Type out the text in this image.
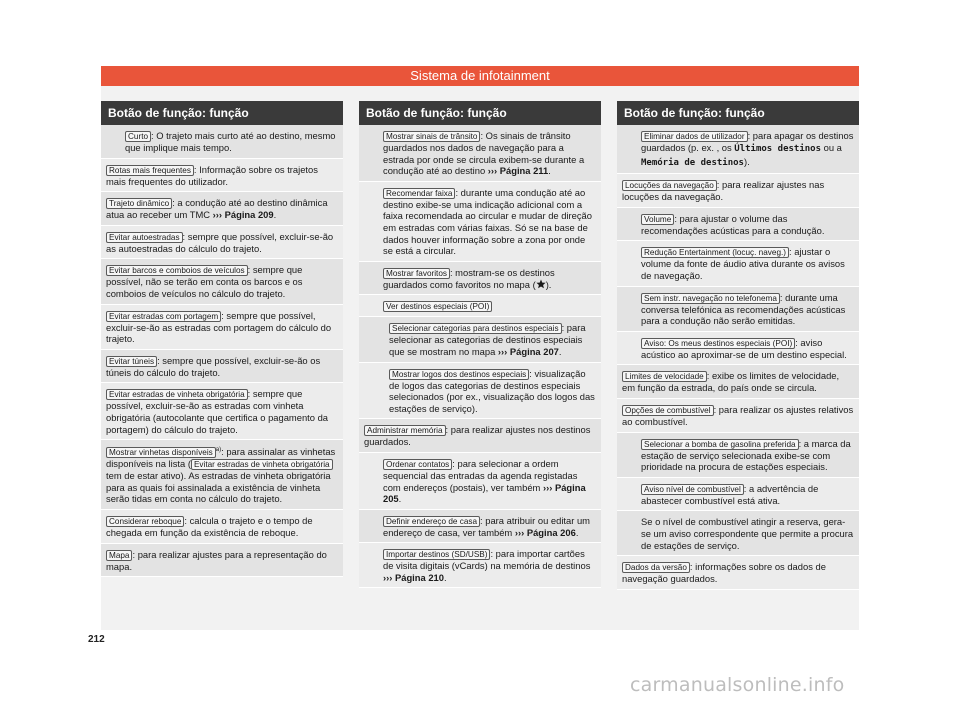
Sistema de infotainment
Botão de função: função
Curto : O trajeto mais curto até ao destino, mesmo que implique mais tempo.
Rotas mais frequentes : Informação sobre os trajetos mais frequentes do utilizador.
Trajeto dinâmico : a condução até ao destino dinâmica atua ao receber um TMC ››› Página 209.
Evitar autoestradas : sempre que possível, excluir-se-ão as autoestradas do cálculo do trajeto.
Evitar barcos e comboios de veículos : sempre que possível, não se terão em conta os barcos e os comboios de veículos no cálculo do trajeto.
Evitar estradas com portagem : sempre que possível, excluir-se-ão as estradas com portagem do cálculo do trajeto.
Evitar túneis : sempre que possível, excluir-se-ão os túneis do cálculo do trajeto.
Evitar estradas de vinheta obrigatória : sempre que possível, excluir-se-ão as estradas com vinheta obrigatória (autocolante que certifica o pagamento da portagem) do cálculo do trajeto.
Mostrar vinhetas disponíveis $^{a)}$: para assinalar as vinhetas disponíveis na lista ( Evitar estradas de vinheta obrigatória tem de estar ativo). As estradas de vinheta obrigatória para as quais foi assinalada a existência de vinheta serão tidas em conta no cálculo do trajeto.
Considerar reboque : calcula o trajeto e o tempo de chegada em função da existência de reboque.
Mapa : para realizar ajustes para a representação do mapa.
Botão de função: função
Mostrar sinais de trânsito : Os sinais de trânsito guardados nos dados de navegação para a estrada por onde se circula exibem-se durante a condução até ao destino ››› Página 211.
Recomendar faixa : durante uma condução até ao destino exibe-se uma indicação adicional com a faixa recomendada ao circular e mudar de direção em estradas com várias faixas. Só se na base de dados houver informação sobre a zona por onde se está a circular.
Mostrar favoritos : mostram-se os destinos guardados como favoritos no mapa ( ).
Ver destinos especiais (POI)
Selecionar categorias para destinos especiais : para selecionar as categorias de destinos especiais que se mostram no mapa ››› Página 207.
Mostrar logos dos destinos especiais : visualização de logos das categorias de destinos especiais selecionados (por ex., visualização dos logos das estações de serviço).
Administrar memória : para realizar ajustes nos destinos guardados.
Ordenar contatos : para selecionar a ordem sequencial das entradas da agenda registadas com endereços (postais), ver também ››› Página 205.
Definir endereço de casa : para atribuir ou editar um endereço de casa, ver também ››› Página 206.
Importar destinos (SD/USB) : para importar cartões de visita digitais (vCards) na memória de destinos ››› Página 210.
Botão de função: função
Eliminar dados de utilizador : para apagar os destinos guardados (p. ex. , os Últimos destinos ou a Memória de destinos).
Locuções da navegação : para realizar ajustes nas locuções da navegação.
Volume : para ajustar o volume das recomendações acústicas para a condução.
Redução Entertainment (locuç. naveg.) : ajustar o volume da fonte de áudio ativa durante os avisos de navegação.
Sem instr. navegação no telefonema : durante uma conversa telefónica as recomendações acústicas para a condução não serão emitidas.
Aviso: Os meus destinos especiais (POI) : aviso acústico ao aproximar-se de um destino especial.
Limites de velocidade : exibe os limites de velocidade, em função da estrada, do país onde se circula.
Opções de combustível : para realizar os ajustes relativos ao combustível.
Selecionar a bomba de gasolina preferida : a marca da estação de serviço selecionada exibe-se com prioridade na procura de estações especiais.
Aviso nível de combustível : a advertência de abastecer combustível está ativa.
Se o nível de combustível atingir a reserva, gera-se um aviso correspondente que permite a procura de estações de serviço.
Dados da versão : informações sobre os dados de navegação guardados.
212
carmanualsonline.info
